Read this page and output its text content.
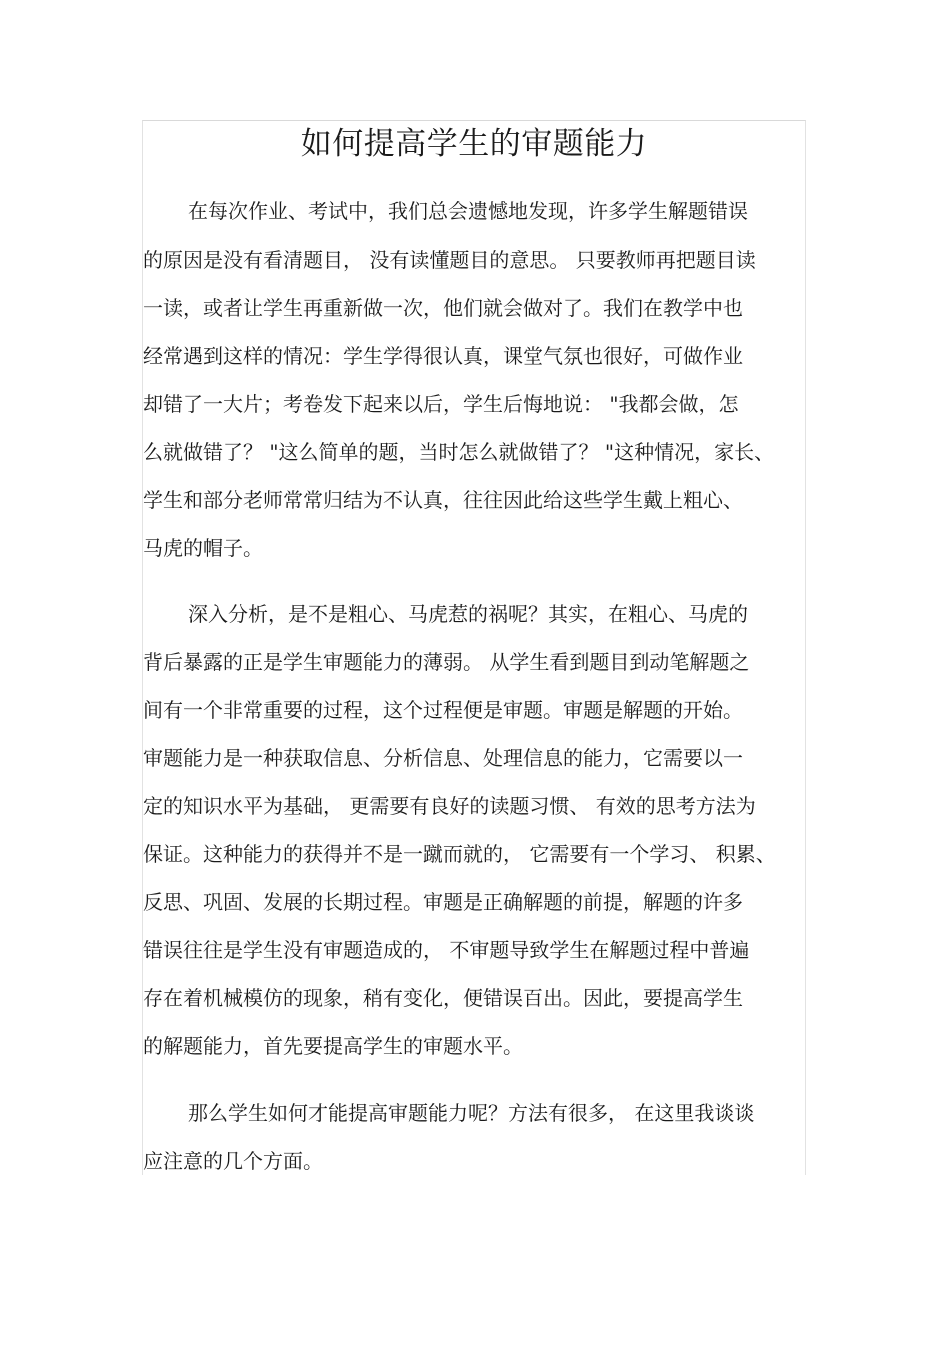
如何提高学生的审题能力

在每次作业、考试中，我们总会遗憾地发现，许多学生解题错误

的原因是没有看清题目， 没有读懂题目的意思。 只要教师再把题目读

一读，或者让学生再重新做一次，他们就会做对了。我们在教学中也

经常遇到这样的情况：学生学得很认真，课堂气氛也很好，可做作业

却错了一大片；考卷发下起来以后，学生后悔地说： "我都会做，怎

么就做错了？ "这么简单的题，当时怎么就做错了？ "这种情况，家长、

学生和部分老师常常归结为不认真，往往因此给这些学生戴上粗心、

马虎的帽子。

深入分析，是不是粗心、马虎惹的祸呢？其实，在粗心、马虎的

背后暴露的正是学生审题能力的薄弱。 从学生看到题目到动笔解题之

间有一个非常重要的过程，这个过程便是审题。审题是解题的开始。

审题能力是一种获取信息、分析信息、处理信息的能力，它需要以一

定的知识水平为基础， 更需要有良好的读题习惯、 有效的思考方法为

保证。这种能力的获得并不是一蹴而就的， 它需要有一个学习、 积累、

反思、巩固、发展的长期过程。审题是正确解题的前提，解题的许多

错误往往是学生没有审题造成的， 不审题导致学生在解题过程中普遍

存在着机械模仿的现象，稍有变化，便错误百出。因此，要提高学生

的解题能力，首先要提高学生的审题水平。

那么学生如何才能提高审题能力呢？方法有很多， 在这里我谈谈

应注意的几个方面。
